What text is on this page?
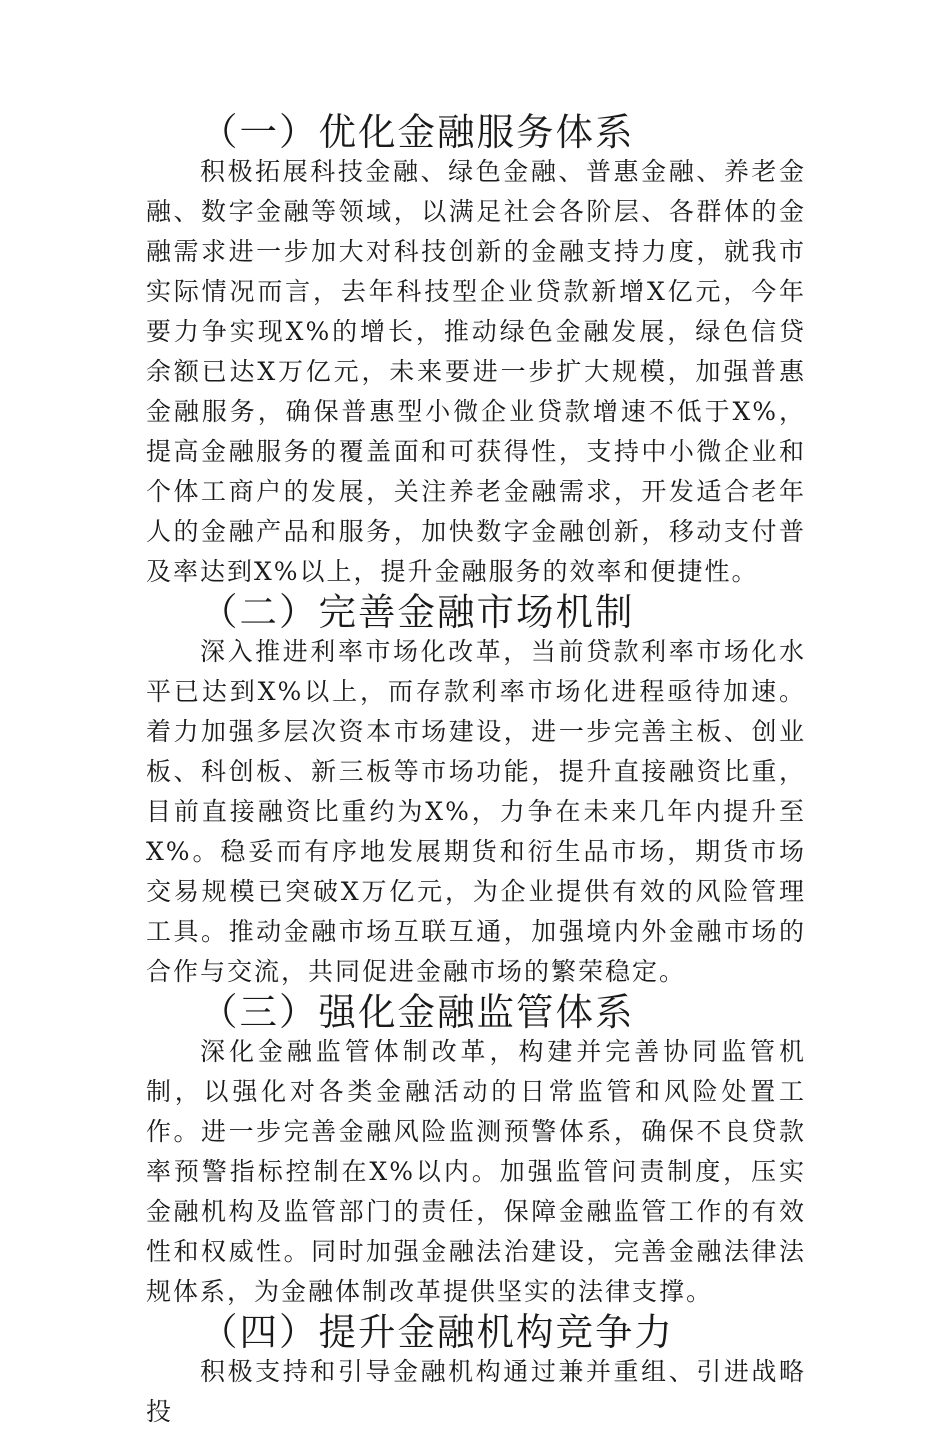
（一）优化金融服务体系

积极拓展科技金融、绿色金融、普惠金融、养老金融、数字金融等领域，以满足社会各阶层、各群体的金融需求进一步加大对科技创新的金融支持力度，就我市实际情况而言，去年科技型企业贷款新增X亿元，今年要力争实现X%的增长，推动绿色金融发展，绿色信贷余额已达X万亿元，未来要进一步扩大规模，加强普惠金融服务，确保普惠型小微企业贷款增速不低于X%，提高金融服务的覆盖面和可获得性，支持中小微企业和个体工商户的发展，关注养老金融需求，开发适合老年人的金融产品和服务，加快数字金融创新，移动支付普及率达到X%以上，提升金融服务的效率和便捷性。

（二）完善金融市场机制

深入推进利率市场化改革，当前贷款利率市场化水平已达到X%以上，而存款利率市场化进程亟待加速。着力加强多层次资本市场建设，进一步完善主板、创业板、科创板、新三板等市场功能，提升直接融资比重，目前直接融资比重约为X%，力争在未来几年内提升至X%。稳妥而有序地发展期货和衍生品市场，期货市场交易规模已突破X万亿元，为企业提供有效的风险管理工具。推动金融市场互联互通，加强境内外金融市场的合作与交流，共同促进金融市场的繁荣稳定。

（三）强化金融监管体系

深化金融监管体制改革，构建并完善协同监管机制，以强化对各类金融活动的日常监管和风险处置工作。进一步完善金融风险监测预警体系，确保不良贷款率预警指标控制在X%以内。加强监管问责制度，压实金融机构及监管部门的责任，保障金融监管工作的有效性和权威性。同时加强金融法治建设，完善金融法律法规体系，为金融体制改革提供坚实的法律支撑。

（四）提升金融机构竞争力

积极支持和引导金融机构通过兼并重组、引进战略投
